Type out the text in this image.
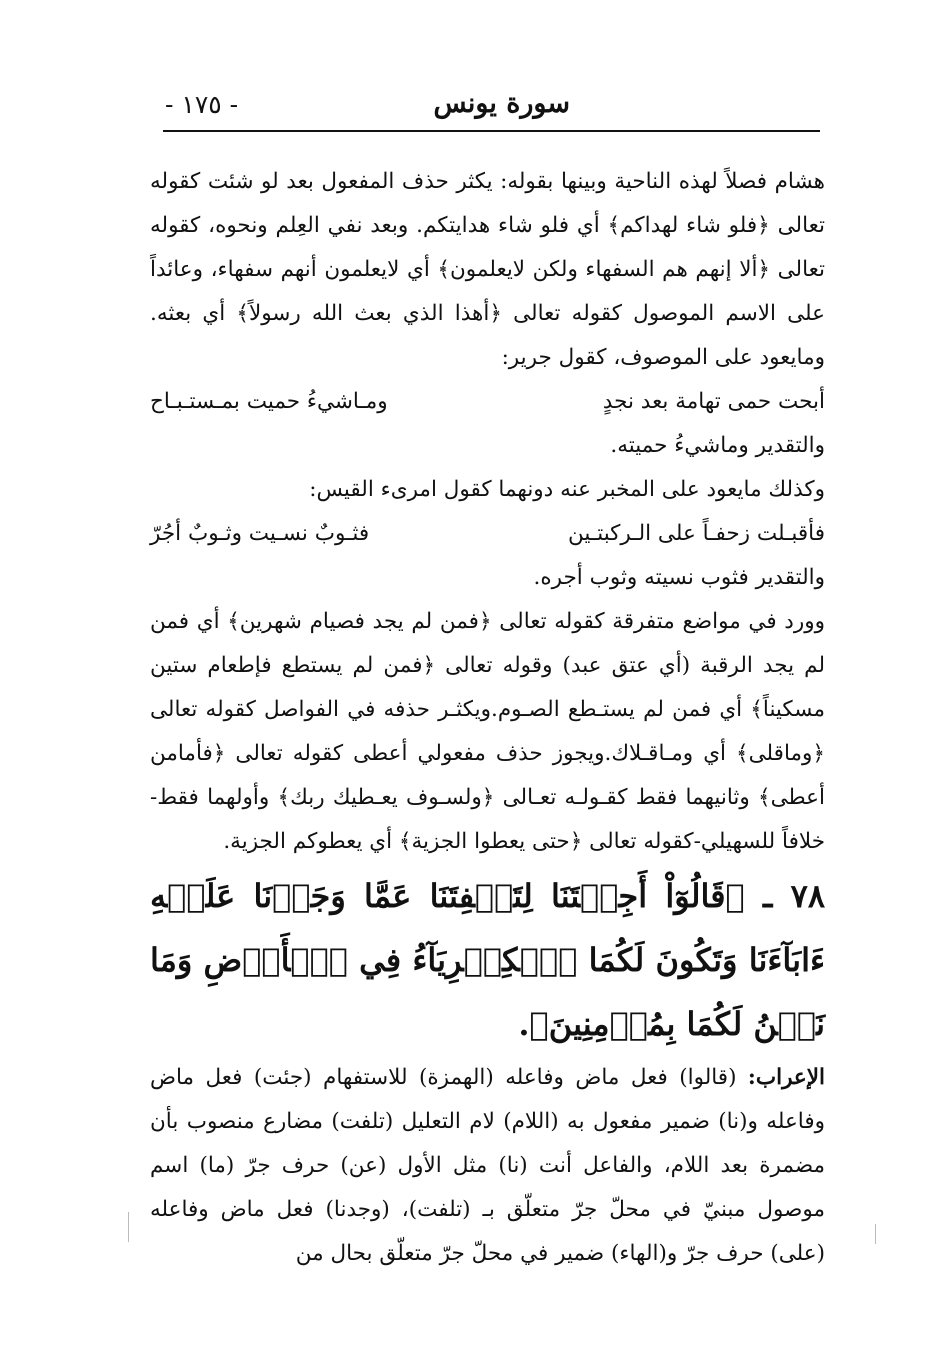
سورة يونس
- ١٧٥ -

هشام فصلاً لهذه الناحية وبينها بقوله: يكثر حذف المفعول بعد لو شئت كقوله تعالى ﴿فلو شاء لهداكم﴾ أي فلو شاء هدايتكم. وبعد نفي العِلم ونحوه، كقوله تعالى ﴿ألا إنهم هم السفهاء ولكن لايعلمون﴾ أي لايعلمون أنهم سفهاء، وعائداً على الاسم الموصول كقوله تعالى ﴿أهذا الذي بعث الله رسولاً﴾ أي بعثه. ومايعود على الموصوف، كقول جرير:

أبحت حمى تهامة بعد نجدٍ
ومـاشيءُ حميت بمـستـبـاح

والتقدير وماشيءُ حميته.

وكذلك مايعود على المخبر عنه دونهما كقول امرىء القيس:

فأقبـلت زحفـاً على الـركبتـين
فثـوبٌ نسـيت وثـوبٌ أجُرّ

والتقدير فثوب نسيته وثوب أجره.

وورد في مواضع متفرقة كقوله تعالى ﴿فمن لم يجد فصيام شهرين﴾ أي فمن لم يجد الرقبة (أي عتق عبد) وقوله تعالى ﴿فمن لم يستطع فإطعام ستين مسكيناً﴾ أي فمن لم يستـطع الصـوم.ويكثـر حذفه في الفواصل كقوله تعالى ﴿وماقلى﴾ أي ومـاقـلاك.ويجوز حذف مفعولي أعطى كقوله تعالى ﴿فأمامن أعطى﴾ وثانيهما فقط كقـولـه تعـالى ﴿ولسـوف يعـطيك ربك﴾ وأولهما فقط-خلافاً للسهيلي-كقوله تعالى ﴿حتى يعطوا الجزية﴾ أي يعطوكم الجزية.

٧٨ ـ ﴿قَالُوٓاْ أَجِئۡتَنَا لِتَلۡفِتَنَا عَمَّا وَجَدۡنَا عَلَيۡهِ ءَابَآءَنَا وَتَكُونَ لَكُمَا ٱلۡكِبۡرِيَآءُ فِي ٱلۡأَرۡضِ وَمَا نَحۡنُ لَكُمَا بِمُؤۡمِنِينَ﴾.

الإعراب: (قالوا) فعل ماض وفاعله (الهمزة) للاستفهام (جئت) فعل ماض وفاعله و(نا) ضمير مفعول به (اللام) لام التعليل (تلفت) مضارع منصوب بأن مضمرة بعد اللام، والفاعل أنت (نا) مثل الأول (عن) حرف جرّ (ما) اسم موصول مبنيّ في محلّ جرّ متعلّق بـ (تلفت)، (وجدنا) فعل ماض وفاعله (على) حرف جرّ و(الهاء) ضمير في محلّ جرّ متعلّق بحال من
